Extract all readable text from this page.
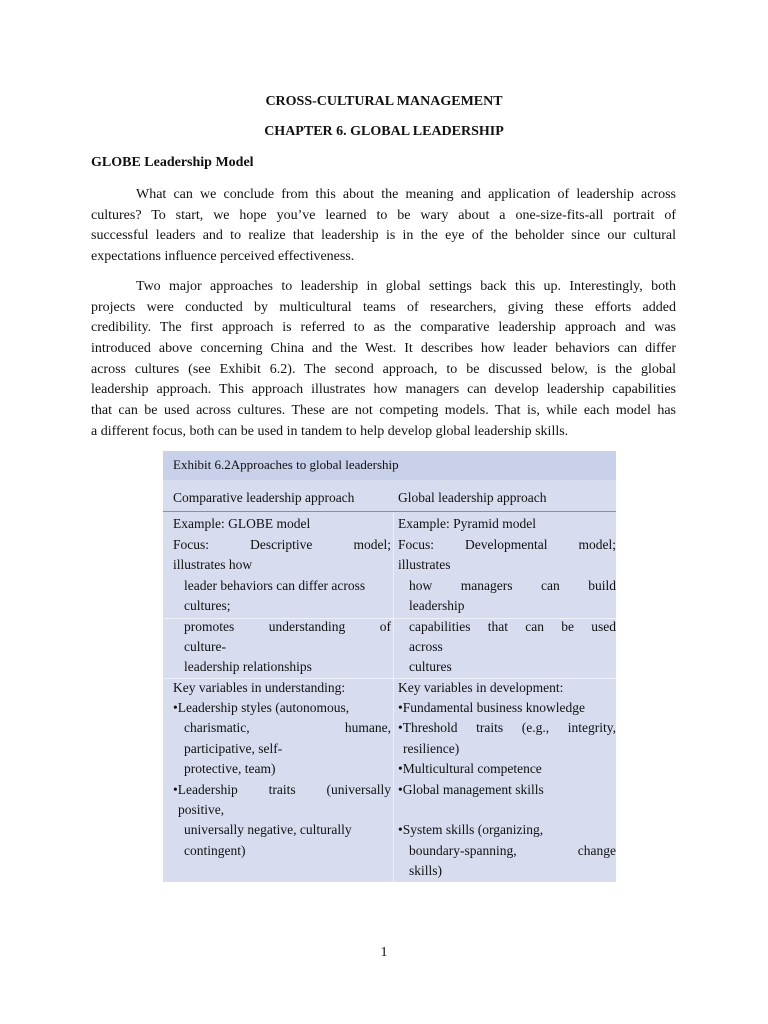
CROSS-CULTURAL MANAGEMENT
CHAPTER 6. GLOBAL LEADERSHIP
GLOBE Leadership Model
What can we conclude from this about the meaning and application of leadership across
cultures? To start, we hope you’ve learned to be wary about a one-size-fits-all portrait of
successful leaders and to realize that leadership is in the eye of the beholder since our cultural
expectations influence perceived effectiveness.
Two major approaches to leadership in global settings back this up. Interestingly, both
projects were conducted by multicultural teams of researchers, giving these efforts added
credibility. The first approach is referred to as the comparative leadership approach and was
introduced above concerning China and the West. It describes how leader behaviors can differ
across cultures (see Exhibit 6.2). The second approach, to be discussed below, is the global
leadership approach. This approach illustrates how managers can develop leadership capabilities
that can be used across cultures. These are not competing models. That is, while each model has
a different focus, both can be used in tandem to help develop global leadership skills.
Exhibit 6.2Approaches to global leadership
Comparative leadership approach	Global leadership approach
Example: GLOBE model
Focus: Descriptive model;
illustrates how
leader behaviors can differ across
cultures;
promotes understanding of
culture-
leadership relationships
Key variables in understanding:
•Leadership styles (autonomous,
charismatic, humane,
participative, self-
protective, team)
•Leadership traits (universally
positive,
universally negative, culturally
contingent)
Example: Pyramid model
Focus: Developmental model;
illustrates
how managers can build
leadership
capabilities that can be used
across
cultures
Key variables in development:
•Fundamental business knowledge
•Threshold traits (e.g., integrity,
resilience)
•Multicultural competence
•Global management skills
•System skills (organizing,
boundary-spanning, change
skills)
1
